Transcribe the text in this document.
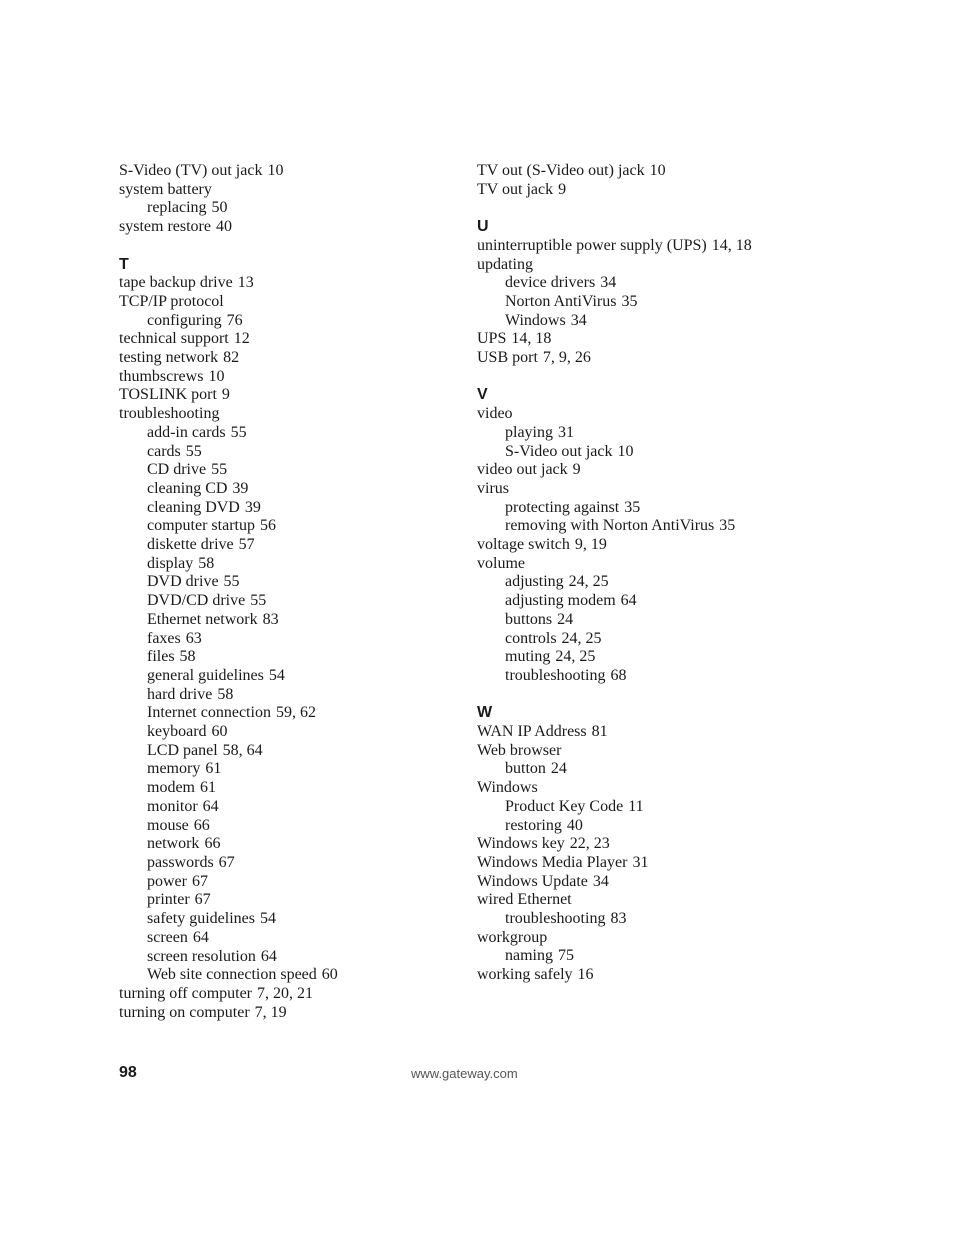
S-Video (TV) out jack 10
system battery
replacing 50
system restore 40
T
tape backup drive 13
TCP/IP protocol
configuring 76
technical support 12
testing network 82
thumbscrews 10
TOSLINK port 9
troubleshooting
add-in cards 55
cards 55
CD drive 55
cleaning CD 39
cleaning DVD 39
computer startup 56
diskette drive 57
display 58
DVD drive 55
DVD/CD drive 55
Ethernet network 83
faxes 63
files 58
general guidelines 54
hard drive 58
Internet connection 59, 62
keyboard 60
LCD panel 58, 64
memory 61
modem 61
monitor 64
mouse 66
network 66
passwords 67
power 67
printer 67
safety guidelines 54
screen 64
screen resolution 64
Web site connection speed 60
turning off computer 7, 20, 21
turning on computer 7, 19
TV out (S-Video out) jack 10
TV out jack 9
U
uninterruptible power supply (UPS) 14, 18
updating
device drivers 34
Norton AntiVirus 35
Windows 34
UPS 14, 18
USB port 7, 9, 26
V
video
playing 31
S-Video out jack 10
video out jack 9
virus
protecting against 35
removing with Norton AntiVirus 35
voltage switch 9, 19
volume
adjusting 24, 25
adjusting modem 64
buttons 24
controls 24, 25
muting 24, 25
troubleshooting 68
W
WAN IP Address 81
Web browser
button 24
Windows
Product Key Code 11
restoring 40
Windows key 22, 23
Windows Media Player 31
Windows Update 34
wired Ethernet
troubleshooting 83
workgroup
naming 75
working safely 16
98	www.gateway.com
